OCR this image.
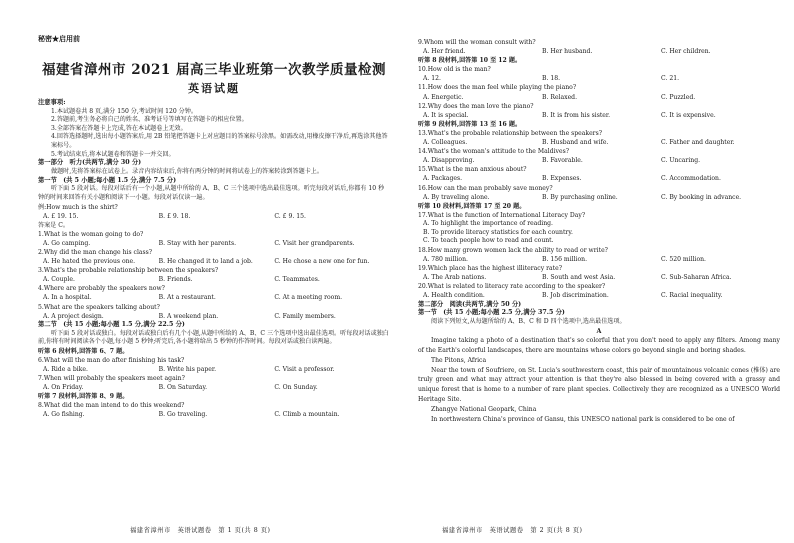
秘密★启用前
福建省漳州市 2021 届高三毕业班第一次教学质量检测
英语试题
注意事项:
1.本试题卷共 8 页,满分 150 分,考试时间 120 分钟。
2.答题前,考生务必将自己的姓名、准考证号等填写在答题卡的相应位置。
3.全部答案在答题卡上完成,答在本试题卷上无效。
4.回答选择题时,选出每小题答案后,用 2B 铅笔把答题卡上对应题目的答案标号涂黑。如需改动,用橡皮擦干净后,再选涂其他答案标号。
5.考试结束后,将本试题卷和答题卡一并交回。
第一部分　听力(共两节,满分 30 分)
做题时,先将答案标在试卷上。录音内容结束后,你将有两分钟的时间将试卷上的答案转涂到答题卡上。
第一节　(共 5 小题;每小题 1.5 分,满分 7.5 分)
听下面 5 段对话。每段对话后有一个小题,从题中所给的 A、B、C 三个选项中选出最佳选项。听完每段对话后,你都有 10 秒钟的时间来回答有关小题和阅读下一小题。每段对话仅读一遍。
例:How much is the shirt?
A. £ 19. 15.	B. £ 9. 18.	C. £ 9. 15.
答案是 C。
1.What is the woman going to do?
A. Go camping.	B. Stay with her parents.	C. Visit her grandparents.
2.Why did the man change his class?
A. He hated the previous one.	B. He changed it to land a job.	C. He chose a new one for fun.
3.What's the probable relationship between the speakers?
A. Couple.	B. Friends.	C. Teammates.
4.Where are probably the speakers now?
A. In a hospital.	B. At a restaurant.	C. At a meeting room.
5.What are the speakers talking about?
A. A project design.	B. A weekend plan.	C. Family members.
第二节　(共 15 小题;每小题 1.5 分,满分 22.5 分)
听下面 5 段对话或独白。每段对话或独白后有几个小题,从题中所给的 A、B、C 三个选项中选出最佳选项。听每段对话或独白前,你将有时间阅读各个小题,每小题 5 秒钟;听完后,各小题将给出 5 秒钟的作答时间。每段对话或独白读两遍。
听第 6 段材料,回答第 6、7 题。
6.What will the man do after finishing his task?
A. Ride a bike.	B. Write his paper.	C. Visit a professor.
7.When will probably the speakers meet again?
A. On Friday.	B. On Saturday.	C. On Sunday.
听第 7 段材料,回答第 8、9 题。
8.What did the man intend to do this weekend?
A. Go fishing.	B. Go traveling.	C. Climb a mountain.
福建省漳州市　英语试题卷　第 1 页(共 8 页)
9.Whom will the woman consult with?
A. Her friend.	B. Her husband.	C. Her children.
听第 8 段材料,回答第 10 至 12 题。
10.How old is the man?
A. 12.	B. 18.	C. 21.
11.How does the man feel while playing the piano?
A. Energetic.	B. Relaxed.	C. Puzzled.
12.Why does the man love the piano?
A. It is special.	B. It is from his sister.	C. It is expensive.
听第 9 段材料,回答第 13 至 16 题。
13.What's the probable relationship between the speakers?
A. Colleagues.	B. Husband and wife.	C. Father and daughter.
14.What's the woman's attitude to the Maldives?
A. Disapproving.	B. Favorable.	C. Uncaring.
15.What is the man anxious about?
A. Packages.	B. Expenses.	C. Accommodation.
16.How can the man probably save money?
A. By traveling alone.	B. By purchasing online.	C. By booking in advance.
听第 10 段材料,回答第 17 至 20 题。
17.What is the function of International Literacy Day?
A. To highlight the importance of reading.
B. To provide literacy statistics for each country.
C. To teach people how to read and count.
18.How many grown women lack the ability to read or write?
A. 780 million.	B. 156 million.	C. 520 million.
19.Which place has the highest illiteracy rate?
A. The Arab nations.	B. South and west Asia.	C. Sub-Saharan Africa.
20.What is related to literacy rate according to the speaker?
A. Health condition.	B. Job discrimination.	C. Racial inequality.
第二部分　阅读(共两节,满分 50 分)
第一节　(共 15 小题;每小题 2.5 分,满分 37.5 分)
阅读下列短文,从每题所给的 A、B、C 和 D 四个选项中,选出最佳选项。
A
Imagine taking a photo of a destination that's so colorful that you don't need to apply any filters. Among many of the Earth's colorful landscapes, there are mountains whose colors go beyond single and boring shades.
The Pitons, Africa
Near the town of Soufriere, on St. Lucia's southwestern coast, this pair of mountainous volcanic cones (椎体) are truly green and what may attract your attention is that they're also blessed in being covered with a grassy and unique forest that is home to a number of rare plant species. Collectively they are recognized as a UNESCO World Heritage Site.
Zhangye National Geopark, China
In northwestern China's province of Gansu, this UNESCO national park is considered to be one of
福建省漳州市　英语试题卷　第 2 页(共 8 页)
